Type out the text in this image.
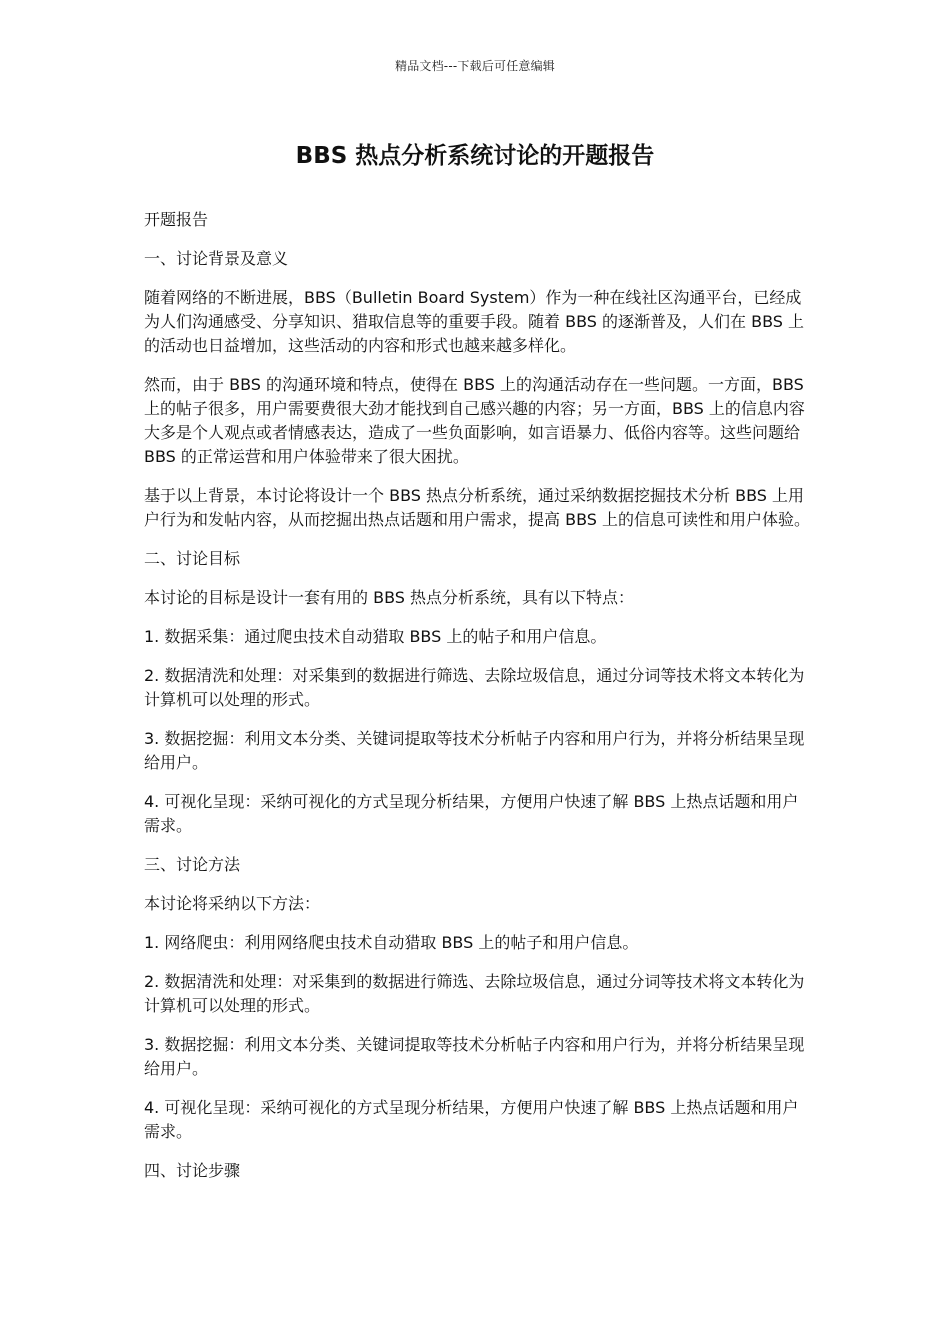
精品文档---下载后可任意编辑
BBS 热点分析系统讨论的开题报告

开题报告

一、讨论背景及意义

随着网络的不断进展，BBS（Bulletin Board System）作为一种在线社区沟通平台，已经成为人们沟通感受、分享知识、猎取信息等的重要手段。随着 BBS 的逐渐普及，人们在 BBS 上的活动也日益增加，这些活动的内容和形式也越来越多样化。

然而，由于 BBS 的沟通环境和特点，使得在 BBS 上的沟通活动存在一些问题。一方面，BBS 上的帖子很多，用户需要费很大劲才能找到自己感兴趣的内容；另一方面，BBS 上的信息内容大多是个人观点或者情感表达，造成了一些负面影响，如言语暴力、低俗内容等。这些问题给 BBS 的正常运营和用户体验带来了很大困扰。

基于以上背景，本讨论将设计一个 BBS 热点分析系统，通过采纳数据挖掘技术分析 BBS 上用户行为和发帖内容，从而挖掘出热点话题和用户需求，提高 BBS 上的信息可读性和用户体验。

二、讨论目标

本讨论的目标是设计一套有用的 BBS 热点分析系统，具有以下特点：

1. 数据采集：通过爬虫技术自动猎取 BBS 上的帖子和用户信息。

2. 数据清洗和处理：对采集到的数据进行筛选、去除垃圾信息，通过分词等技术将文本转化为计算机可以处理的形式。

3. 数据挖掘：利用文本分类、关键词提取等技术分析帖子内容和用户行为，并将分析结果呈现给用户。

4. 可视化呈现：采纳可视化的方式呈现分析结果，方便用户快速了解 BBS 上热点话题和用户需求。

三、讨论方法

本讨论将采纳以下方法：

1. 网络爬虫：利用网络爬虫技术自动猎取 BBS 上的帖子和用户信息。

2. 数据清洗和处理：对采集到的数据进行筛选、去除垃圾信息，通过分词等技术将文本转化为计算机可以处理的形式。

3. 数据挖掘：利用文本分类、关键词提取等技术分析帖子内容和用户行为，并将分析结果呈现给用户。

4. 可视化呈现：采纳可视化的方式呈现分析结果，方便用户快速了解 BBS 上热点话题和用户需求。

四、讨论步骤
